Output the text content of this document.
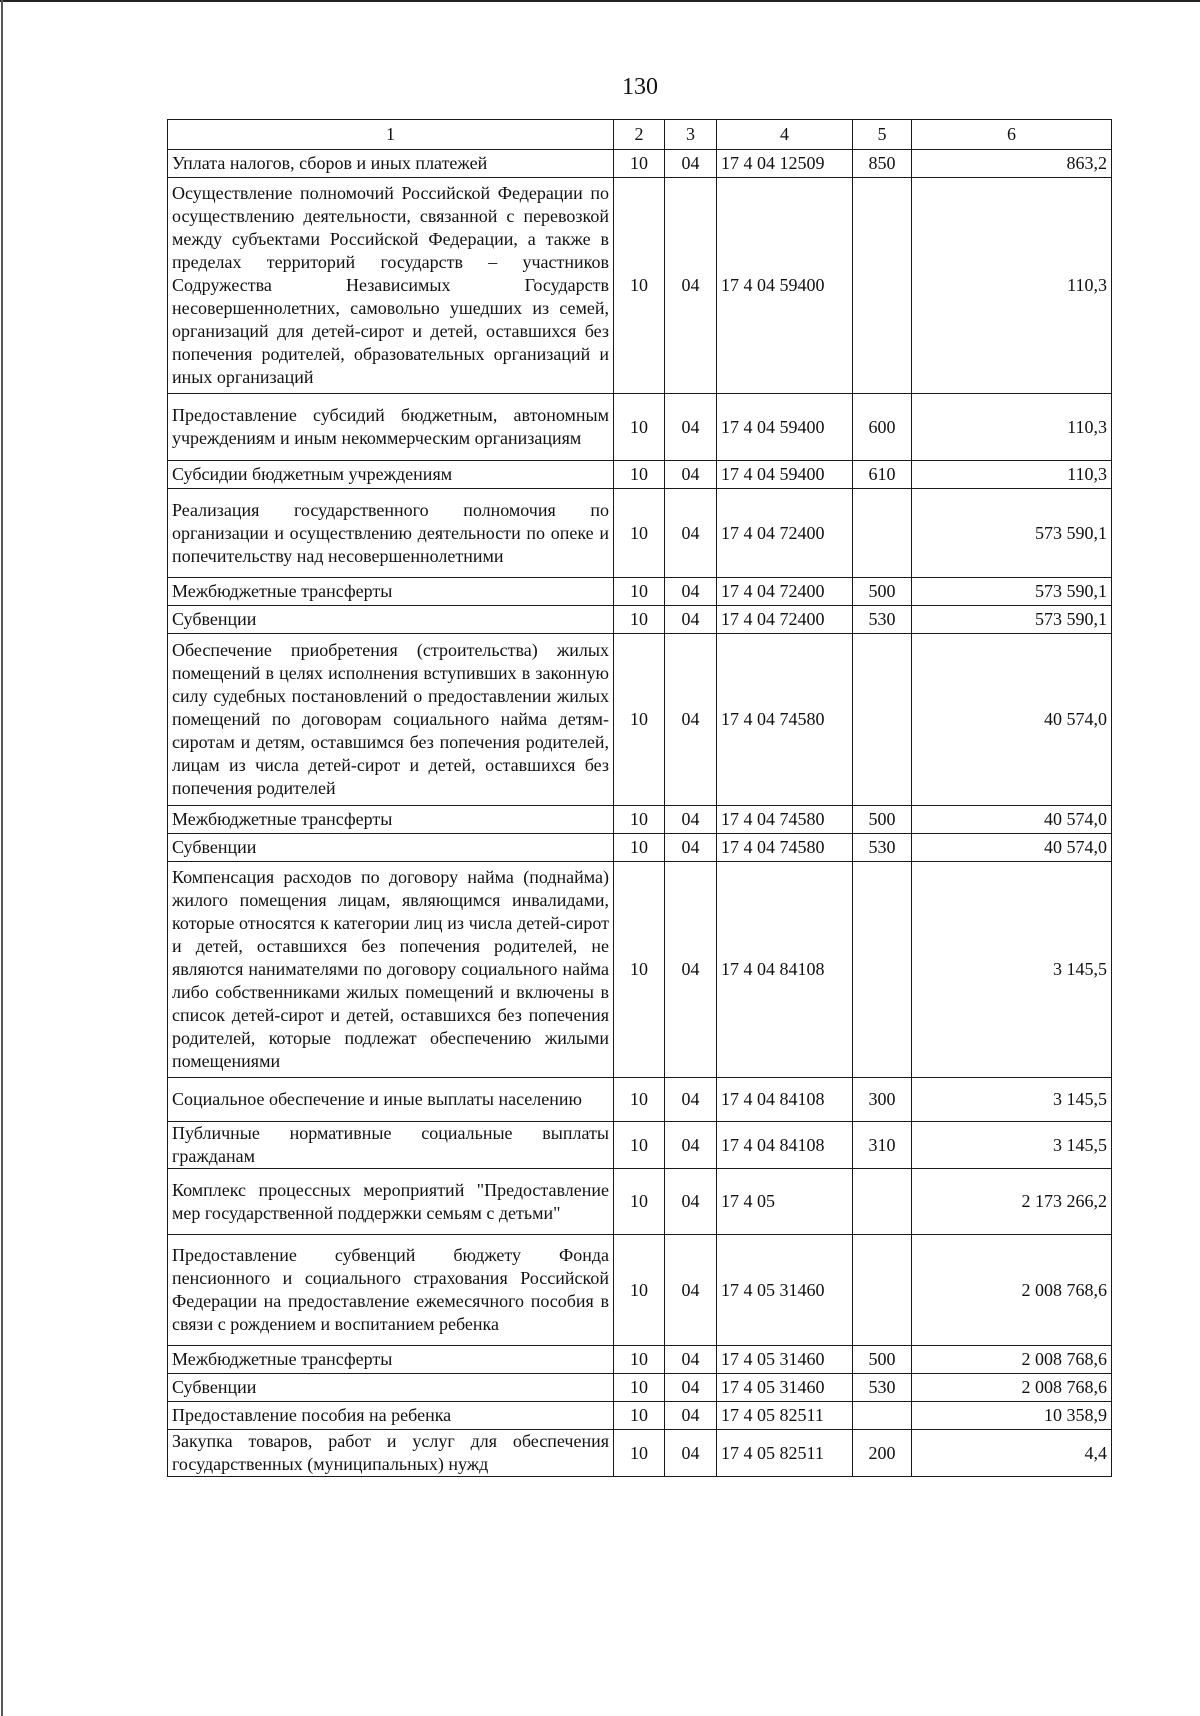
130
1	2	3	4	5	6
Уплата налогов, сборов и иных платежей	10	04	17 4 04 12509	850	863,2
Осуществление полномочий Российской Федерации по осуществлению деятельности, связанной с перевозкой между субъектами Российской Федерации, а также в пределах территорий государств – участников Содружества Независимых Государств несовершеннолетних, самовольно ушедших из семей, организаций для детей-сирот и детей, оставшихся без попечения родителей, образовательных организаций и иных организаций	10	04	17 4 04 59400		110,3
Предоставление субсидий бюджетным, автономным учреждениям и иным некоммерческим организациям	10	04	17 4 04 59400	600	110,3
Субсидии бюджетным учреждениям	10	04	17 4 04 59400	610	110,3
Реализация государственного полномочия по организации и осуществлению деятельности по опеке и попечительству над несовершеннолетними	10	04	17 4 04 72400		573 590,1
Межбюджетные трансферты	10	04	17 4 04 72400	500	573 590,1
Субвенции	10	04	17 4 04 72400	530	573 590,1
Обеспечение приобретения (строительства) жилых помещений в целях исполнения вступивших в законную силу судебных постановлений о предоставлении жилых помещений по договорам социального найма детям-сиротам и детям, оставшимся без попечения родителей, лицам из числа детей-сирот и детей, оставшихся без попечения родителей	10	04	17 4 04 74580		40 574,0
Межбюджетные трансферты	10	04	17 4 04 74580	500	40 574,0
Субвенции	10	04	17 4 04 74580	530	40 574,0
Компенсация расходов по договору найма (поднайма) жилого помещения лицам, являющимся инвалидами, которые относятся к категории лиц из числа детей-сирот и детей, оставшихся без попечения родителей, не являются нанимателями по договору социального найма либо собственниками жилых помещений и включены в список детей-сирот и детей, оставшихся без попечения родителей, которые подлежат обеспечению жилыми помещениями	10	04	17 4 04 84108		3 145,5
Социальное обеспечение и иные выплаты населению	10	04	17 4 04 84108	300	3 145,5
Публичные нормативные социальные выплаты гражданам	10	04	17 4 04 84108	310	3 145,5
Комплекс процессных мероприятий "Предоставление мер государственной поддержки семьям с детьми"	10	04	17 4 05		2 173 266,2
Предоставление субвенций бюджету Фонда пенсионного и социального страхования Российской Федерации на предоставление ежемесячного пособия в связи с рождением и воспитанием ребенка	10	04	17 4 05 31460		2 008 768,6
Межбюджетные трансферты	10	04	17 4 05 31460	500	2 008 768,6
Субвенции	10	04	17 4 05 31460	530	2 008 768,6
Предоставление пособия на ребенка	10	04	17 4 05 82511		10 358,9
Закупка товаров, работ и услуг для обеспечения государственных (муниципальных) нужд	10	04	17 4 05 82511	200	4,4
